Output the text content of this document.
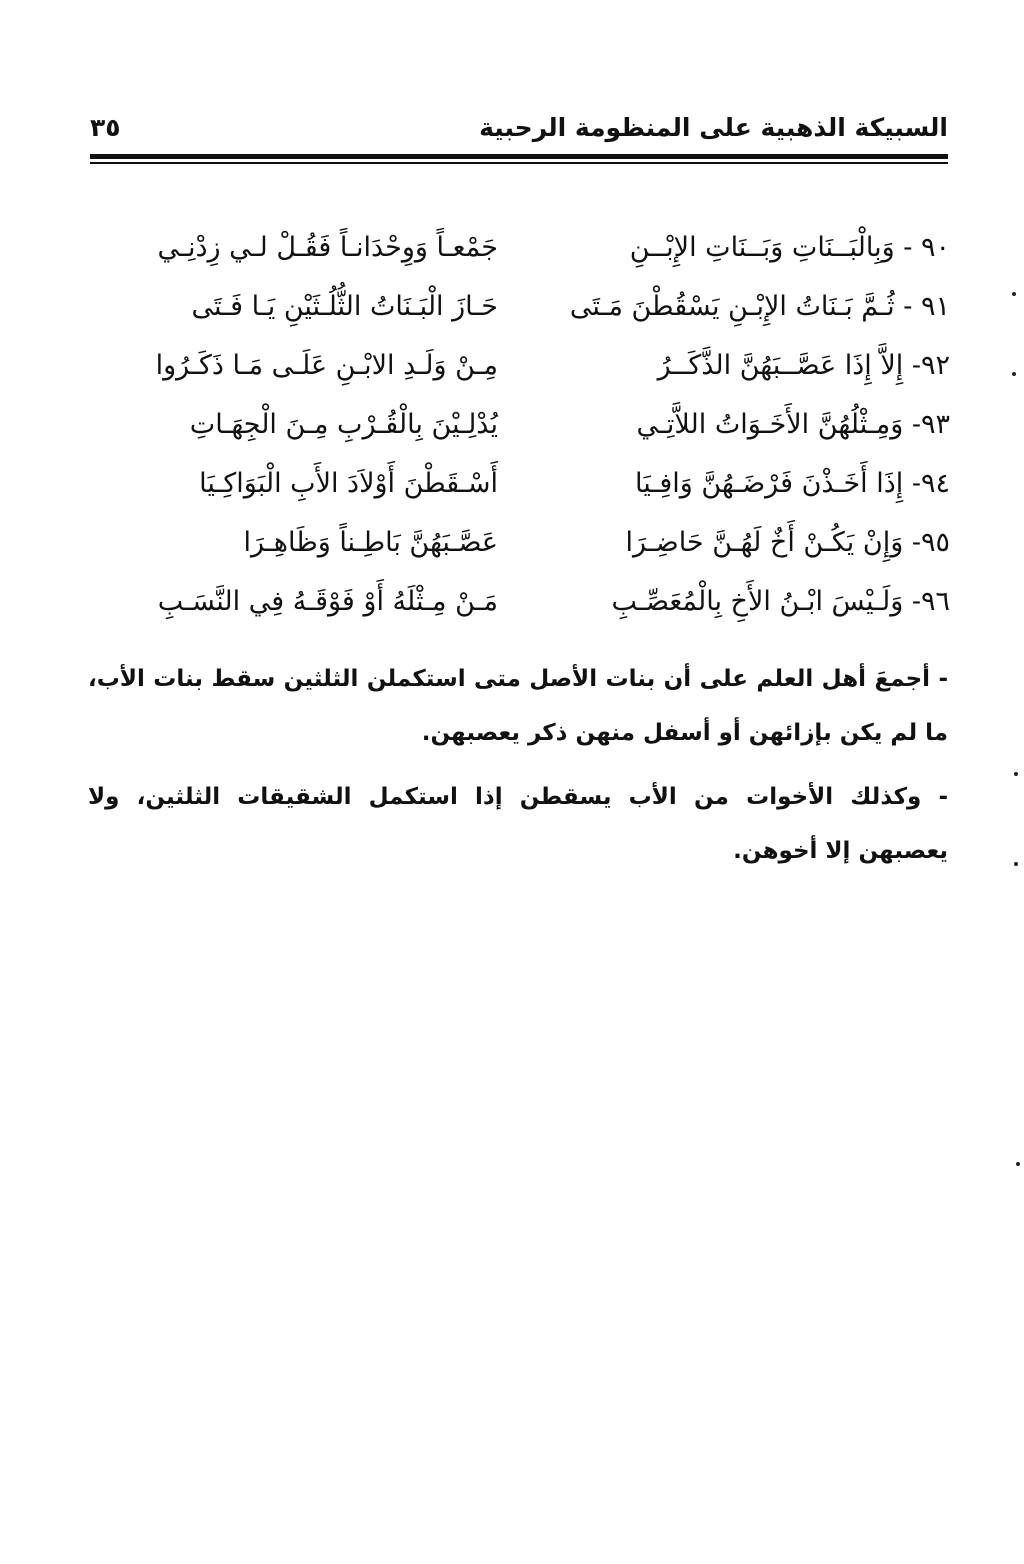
السبيكة الذهبية على المنظومة الرحبية
٣٥
٩٠ - وَبِالْبَــنَاتِ وَبَــنَاتِ الإِبْــنِ
جَمْعـاً وَوِحْدَانـاً فَقُـلْ لـي زِدْنِـي
٩١ - ثُـمَّ بَـنَاتُ الإِبْـنِ يَسْقُطْنَ مَـتَى
حَـازَ الْبَـنَاتُ الثُّلُـثَيْنِ يَـا فَـتَى
٩٢- إِلاَّ إِذَا عَصَّــبَهُنَّ الذَّكَــرُ
مِـنْ وَلَـدِ الابْـنِ عَلَـى مَـا ذَكَـرُوا
٩٣- وَمِـثْلُهُنَّ الأَخَـوَاتُ اللاَّتِـي
يُدْلِـيْنَ بِالْقُـرْبِ مِـنَ الْجِهَـاتِ
٩٤- إِذَا أَخَـذْنَ فَرْضَـهُنَّ وَافِـيَا
أَسْـقَطْنَ أَوْلاَدَ الأَبِ الْبَوَاكِـيَا
٩٥- وَإِنْ يَكُـنْ أَخٌ لَهُـنَّ حَاضِـرَا
عَصَّـبَهُنَّ بَاطِـناً وَظَاهِـرَا
٩٦- وَلَـيْسَ ابْـنُ الأَخِ بِالْمُعَصِّـبِ
مَـنْ مِـثْلَهُ أَوْ فَوْقَـهُ فِي النَّسَـبِ

- أجمعَ أهل العلم على أن بنات الأصل متى استكملن الثلثين سقط بنات الأب، ما لم يكن بإزائهن أو أسفل منهن ذكر يعصبهن.

- وكذلك الأخوات من الأب يسقطن إذا استكمل الشقيقات الثلثين، ولا يعصبهن إلا أخوهن.
